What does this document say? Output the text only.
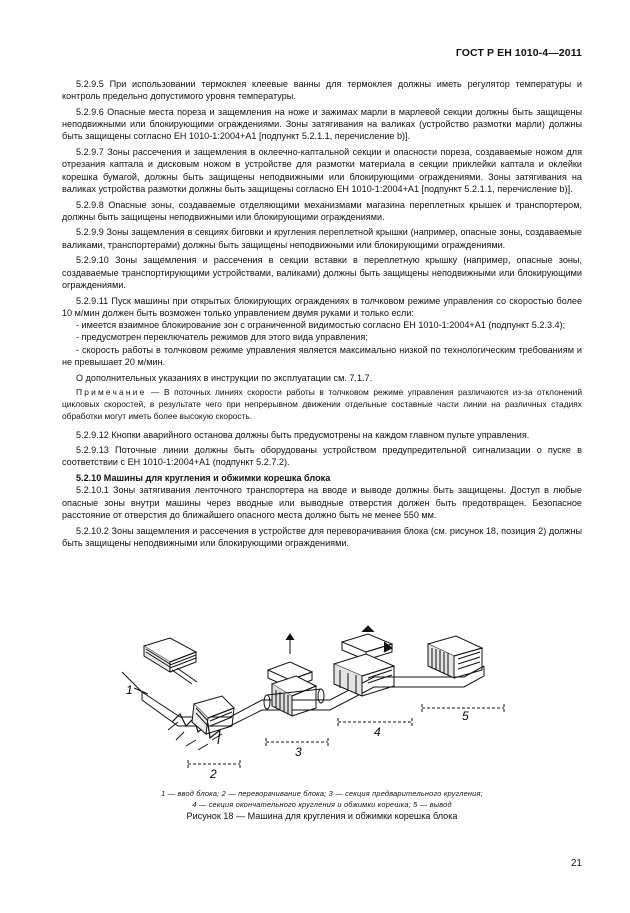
ГОСТ Р ЕН 1010-4—2011

5.2.9.5 При использовании термоклея клеевые ванны для термоклея должны иметь регулятор температуры и контроль предельно допустимого уровня температуры.

5.2.9.6 Опасные места пореза и защемления на ноже и зажимах марли в марлевой секции должны быть защищены неподвижными или блокирующими ограждениями. Зоны затягивания на валиках (устройство размотки марли) должны быть защищены согласно ЕН 1010-1:2004+А1 [подпункт 5.2.1.1, перечисление b)].

5.2.9.7 Зоны рассечения и защемления в оклеечно-каптальной секции и опасности пореза, создаваемые ножом для отрезания каптала и дисковым ножом в устройстве для размотки материала в секции приклейки каптала и оклейки корешка бумагой, должны быть защищены неподвижными или блокирующими ограждениями. Зоны затягивания на валиках устройства размотки должны быть защищены согласно ЕН 1010-1:2004+А1 [подпункт 5.2.1.1, перечисление b)].

5.2.9.8 Опасные зоны, создаваемые отделяющими механизмами магазина переплетных крышек и транспортером, должны быть защищены неподвижными или блокирующими ограждениями.

5.2.9.9 Зоны защемления в секциях биговки и кругления переплетной крышки (например, опасные зоны, создаваемые валиками, транспортерами) должны быть защищены неподвижными или блокирующими ограждениями.

5.2.9.10 Зоны защемления и рассечения в секции вставки в переплетную крышку (например, опасные зоны, создаваемые транспортирующими устройствами, валиками) должны быть защищены неподвижными или блокирующими ограждениями.

5.2.9.11 Пуск машины при открытых блокирующих ограждениях в толчковом режиме управления со скоростью более 10 м/мин должен быть возможен только управлением двумя руками и только если:

- имеется взаимное блокирование зон с ограниченной видимостью согласно ЕН 1010-1:2004+А1 (подпункт 5.2.3.4);

- предусмотрен переключатель режимов для этого вида управления;

- скорость работы в толчковом режиме управления является максимально низкой по технологическим требованиям и не превышает 20 м/мин.

О дополнительных указаниях в инструкции по эксплуатации см. 7.1.7.

Примечание — В поточных линиях скорости работы в толчковом режиме управления различаются из-за отклонений цикловых скоростей, в результате чего при непрерывном движении отдельные составные части линии на различных стадиях обработки могут иметь более высокую скорость.

5.2.9.12 Кнопки аварийного останова должны быть предусмотрены на каждом главном пульте управления.

5.2.9.13 Поточные линии должны быть оборудованы устройством предупредительной сигнализации о пуске в соответствии с ЕН 1010-1:2004+А1 (подпункт 5.2.7.2).

5.2.10 Машины для кругления и обжимки корешка блока

5.2.10.1 Зоны затягивания ленточного транспортера на вводе и выводе должны быть защищены. Доступ в любые опасные зоны внутри машины через вводные или выводные отверстия должен быть предотвращен. Безопасное расстояние от отверстия до ближайшего опасного места должно быть не менее 550 мм.

5.2.10.2 Зоны защемления и рассечения в устройстве для переворачивания блока (см. рисунок 18, позиция 2) должны быть защищены неподвижными или блокирующими ограждениями.

1
2
3
4
5
1 — ввод блока; 2 — переворачивание блока; 3 — секция предварительного кругления;
4 — секция окончательного кругления и обжимки корешка; 5 — вывод
Рисунок 18 — Машина для кругления и обжимки корешка блока
21
